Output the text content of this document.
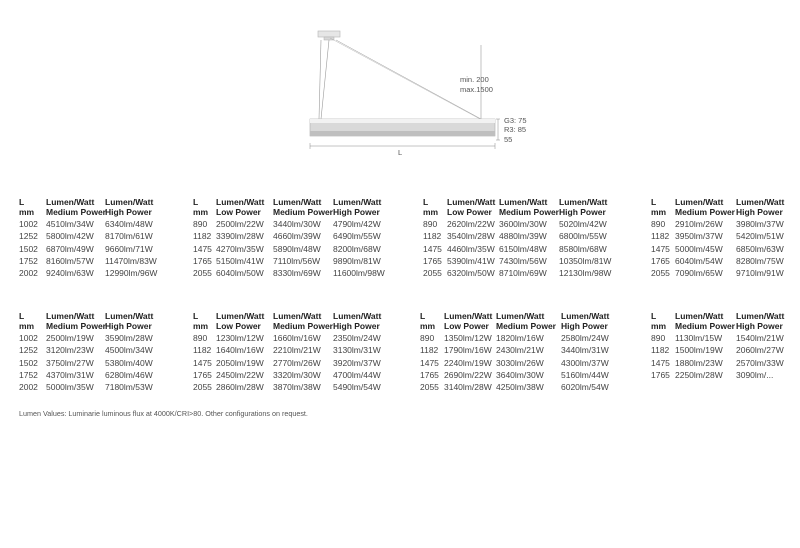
min. 200
max.1500
G3: 75
R3: 85
55
L
L
mm
Lumen/Watt
Medium Power
Lumen/Watt
High Power
1002 4510lm/34W 6340lm/48W
1252 5800lm/42W 8170lm/61W
1502 6870lm/49W 9660lm/71W
1752 8160lm/57W 11470lm/83W
2002 9240lm/63W 12990lm/96W
L
mm
Lumen/Watt
Low Power
Lumen/Watt
Medium Power
Lumen/Watt
High Power
890 2500lm/22W 3440lm/30W 4790lm/42W
1182 3390lm/28W 4660lm/39W 6490lm/55W
1475 4270lm/35W 5890lm/48W 8200lm/68W
1765 5150lm/41W 7110lm/56W 9890lm/81W
2055 6040lm/50W 8330lm/69W 11600lm/98W
L
mm
Lumen/Watt
Low Power
Lumen/Watt
Medium Power
Lumen/Watt
High Power
890 2620lm/22W 3600lm/30W 5020lm/42W
1182 3540lm/28W 4880lm/39W 6800lm/55W
1475 4460lm/35W 6150lm/48W 8580lm/68W
1765 5390lm/41W 7430lm/56W 10350lm/81W
2055 6320lm/50W 8710lm/69W 12130lm/98W
L
mm
Lumen/Watt
Medium Power
Lumen/Watt
High Power
890 2910lm/26W 3980lm/37W
1182 3950lm/37W 5420lm/51W
1475 5000lm/45W 6850lm/63W
1765 6040lm/54W 8280lm/75W
2055 7090lm/65W 9710lm/91W
L
mm
Lumen/Watt
Medium Power
Lumen/Watt
High Power
1002 2500lm/19W 3590lm/28W
1252 3120lm/23W 4500lm/34W
1502 3750lm/27W 5380lm/40W
1752 4370lm/31W 6280lm/46W
2002 5000lm/35W 7180lm/53W
L
mm
Lumen/Watt
Low Power
Lumen/Watt
Medium Power
Lumen/Watt
High Power
890 1230lm/12W 1660lm/16W 2350lm/24W
1182 1640lm/16W 2210lm/21W 3130lm/31W
1475 2050lm/19W 2770lm/26W 3920lm/37W
1765 2450lm/22W 3320lm/30W 4700lm/44W
2055 2860lm/28W 3870lm/38W 5490lm/54W
L
mm
Lumen/Watt
Low Power
Lumen/Watt
Medium Power
Lumen/Watt
High Power
890 1350lm/12W 1820lm/16W 2580lm/24W
1182 1790lm/16W 2430lm/21W 3440lm/31W
1475 2240lm/19W 3030lm/26W 4300lm/37W
1765 2690lm/22W 3640lm/30W 5160lm/44W
2055 3140lm/28W 4250lm/38W 6020lm/54W
L
mm
Lumen/Watt
Medium Power
Lumen/Watt
High Power
890 1130lm/15W 1540lm/21W
1182 1500lm/19W 2060lm/27W
1475 1880lm/23W 2570lm/33W
1765 2250lm/28W 3090lm/...
Lumen Values: Luminarie luminous flux at 4000K/CRI>80. Other configurations on request.
